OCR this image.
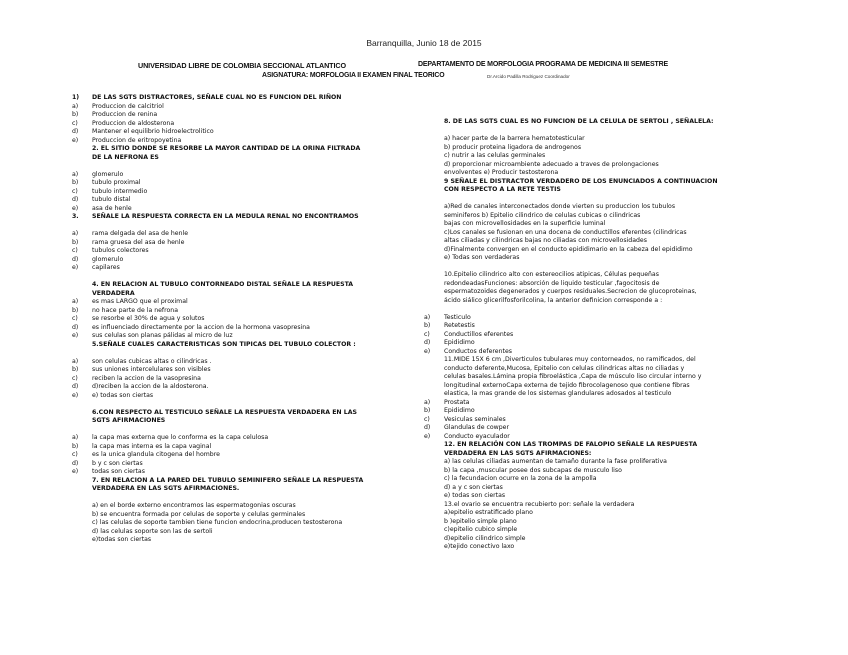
Barranquilla, Junio 18 de 2015
UNIVERSIDAD LIBRE DE COLOMBIA SECCIONAL ATLANTICO	DEPARTAMENTO DE MORFOLOGIA PROGRAMA DE MEDICINA III SEMESTRE
ASIGNATURA: MORFOLOGIA II EXAMEN FINAL TEORICO	Dr.Arcido Padilla Rodriguez Coordinador
1)	DE LAS SGTS DISTRACTORES, SEÑALE CUAL NO ES FUNCION DEL RIÑON
a)	Produccion de calcitriol
b)	Produccion de renina
c)	Produccion de aldosterona
d)	Mantener el equilibrio hidroelectrolitico
e)	Produccion de eritropoyetina
2. EL SITIO DONDE SE RESORBE LA MAYOR CANTIDAD DE LA ORINA FILTRADA
DE LA NEFRONA ES
a)	glomerulo
b)	tubulo proximal
c)	tubulo intermedio
d)	tubulo distal
e)	asa de henle
3.	SEÑALE LA RESPUESTA CORRECTA EN LA MEDULA RENAL NO ENCONTRAMOS
a)	rama delgada del asa de henle
b)	rama gruesa del asa de henle
c)	tubulos colectores
d)	glomerulo
e)	capilares
4. EN RELACION AL TUBULO CONTORNEADO DISTAL SEÑALE LA RESPUESTA
VERDADERA
a)	es mas LARGO que el proximal
b)	no hace parte de la nefrona
c)	se resorbe el 30% de agua y solutos
d)	es influenciado directamente por la accion de la hormona vasopresina
e)	sus celulas son planas pálidas al micro de luz
5.SEÑALE CUALES CARACTERISTICAS SON TIPICAS DEL TUBULO COLECTOR :
a)	son celulas cubicas altas o cilindricas .
b)	sus uniones intercelulares son visibles
c)	reciben la accion de la vasopresina
d)	d)reciben la accion de la aldosterona.
e)	e) todas son ciertas
6.CON RESPECTO AL TESTICULO SEÑALE LA RESPUESTA VERDADERA EN LAS
SGTS AFIRMACIONES
a)	la capa mas externa que lo conforma es la capa celulosa
b)	la capa mas interna es la capa vaginal
c)	es la unica glandula citogena del hombre
d)	b y c son ciertas
e)	todas son ciertas
7. EN RELACION A LA PARED DEL TUBULO SEMINIFERO SEÑALE LA RESPUESTA
VERDADERA EN LAS SGTS AFIRMACIONES.
a) en el borde externo encontramos las espermatogonias oscuras
b) se encuentra formada por celulas de soporte y celulas germinales
c) las celulas de soporte tambien tiene funcion endocrina,producen testosterona
d) las celulas soporte son las de sertoli
e)todas son ciertas
8. DE LAS SGTS CUAL ES NO FUNCION DE LA CELULA DE SERTOLI , SEÑALELA:
a) hacer parte de la barrera hematotesticular
b) producir proteina ligadora de androgenos
c) nutrir a las celulas germinales
d) proporcionar microambiente adecuado a traves de prolongaciones
envolventes e) Producir testosterona
9 SEÑALE EL DISTRACTOR VERDADERO DE LOS ENUNCIADOS A CONTINUACION
CON RESPECTO A LA RETE TESTIS
a)Red de canales interconectados donde vierten su produccion los tubulos
seminiferos b) Epitelio cilindrico de celulas cubicas o cilindricas
bajas con microvellosidades en la superficie luminal
c)Los canales se fusionan en una docena de conductillos eferentes (cilindricas
altas ciliadas y cilindricas bajas no ciliadas con microvellosidades
d)Finalmente convergen en el conducto epididimario en la cabeza del epididimo
e) Todas son verdaderas
10.Epitelio cilindrico alto con estereocilios atipicas, Células pequeñas
redondeadasFunciones: absorción de liquido testicular ,fagocitosis de
espermatozoides degenerados y cuerpos residuales.Secrecion de glucoproteinas,
ácido siálico glicerilfosforilcolina, la anterior definicion corresponde a :
a)	Testiculo
b)	Retetestis
c)	Conductillos eferentes
d)	Epididimo
e)	Conductos deferentes
11.MIDE 15X 6 cm ,Diverticulos tubulares muy contorneados, no ramificados, del
conducto deferente,Mucosa, Epitelio con celulas cilindricas altas no ciliadas y
celulas basales.Lámina propia fibroelástica ,Capa de músculo liso circular interno y
longitudinal externoCapa externa de tejido fibrocolagenoso que contiene fibras
elastica, la mas grande de los sistemas glandulares adosados al testiculo
a)	Prostata
b)	Epididimo
c)	Vesiculas seminales
d)	Glandulas de cowper
e)	Conducto eyaculador
12. EN RELACIÓN CON LAS TROMPAS DE FALOPIO SEÑALE LA RESPUESTA
VERDADERA EN LAS SGTS AFIRMACIONES:
a) las celulas ciliadas aumentan de tamaño durante la fase proliferativa
b) la capa ,muscular posee dos subcapas de musculo liso
c) la fecundacion ocurre en la zona de la ampolla
d) a y c son ciertas
e) todas son ciertas
13.el ovario se encuentra recubierto por: señale la verdadera
a)epitelio estratificado plano
b )epitelio simple plano
c)epitelio cubico simple
d)epitelio cilindrico simple
e)tejido conectivo laxo
